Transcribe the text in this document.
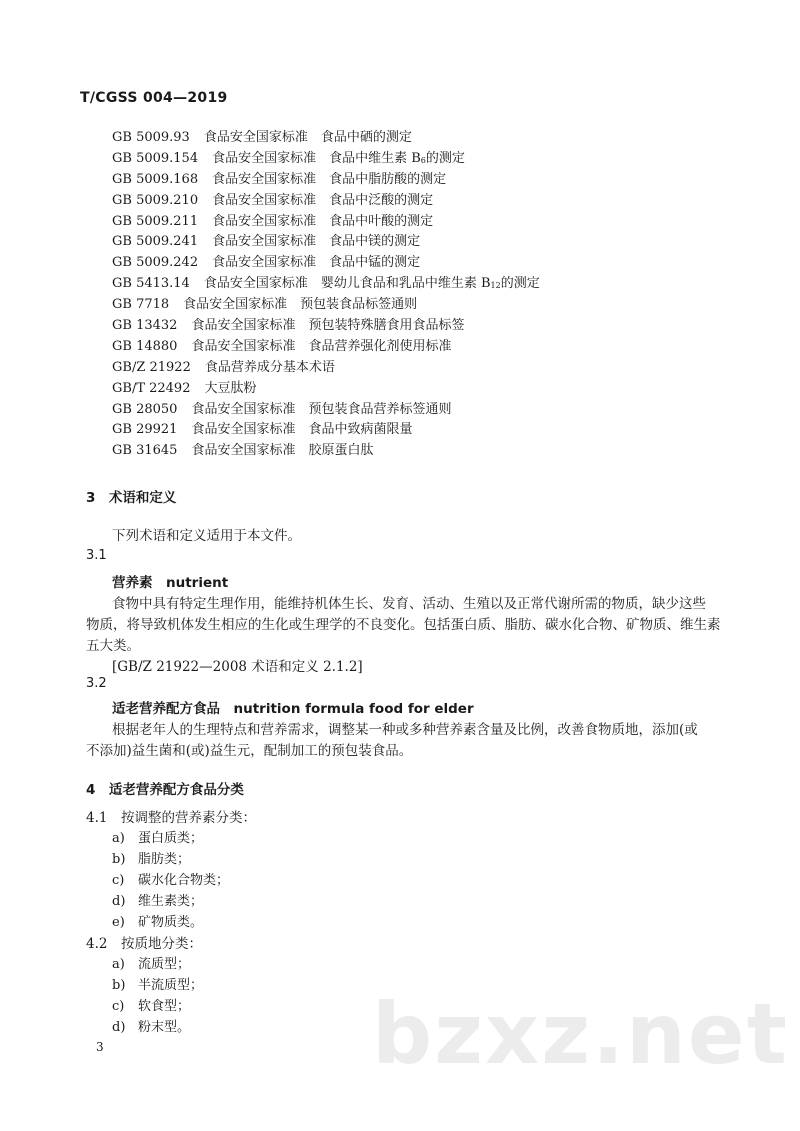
T/CGSS 004—2019
GB 5009.93 食品安全国家标准　食品中硒的测定
GB 5009.154 食品安全国家标准　食品中维生素 $B_6$的测定
GB 5009.168 食品安全国家标准　食品中脂肪酸的测定
GB 5009.210 食品安全国家标准　食品中泛酸的测定
GB 5009.211 食品安全国家标准　食品中叶酸的测定
GB 5009.241 食品安全国家标准　食品中镁的测定
GB 5009.242 食品安全国家标准　食品中锰的测定
GB 5413.14 食品安全国家标准　婴幼儿食品和乳品中维生素 $B_{12}$的测定
GB 7718 食品安全国家标准　预包装食品标签通则
GB 13432 食品安全国家标准　预包装特殊膳食用食品标签
GB 14880 食品安全国家标准　食品营养强化剂使用标准
GB/Z 21922 食品营养成分基本术语
GB/T 22492 大豆肽粉
GB 28050 食品安全国家标准　预包装食品营养标签通则
GB 29921 食品安全国家标准　食品中致病菌限量
GB 31645 食品安全国家标准　胶原蛋白肽
3　术语和定义
下列术语和定义适用于本文件。
3.1
营养素　nutrient
食物中具有特定生理作用，能维持机体生长、发育、活动、生殖以及正常代谢所需的物质，缺少这些
物质，将导致机体发生相应的生化或生理学的不良变化。包括蛋白质、脂肪、碳水化合物、矿物质、维生素
五大类。
[GB/Z 21922—2008 术语和定义 2.1.2]
3.2
适老营养配方食品　nutrition formula food for elder
根据老年人的生理特点和营养需求，调整某一种或多种营养素含量及比例，改善食物质地，添加(或
不添加)益生菌和(或)益生元，配制加工的预包装食品。
4　适老营养配方食品分类
4.1　按调整的营养素分类：
a) 蛋白质类；
b) 脂肪类；
c) 碳水化合物类；
d) 维生素类；
e) 矿物质类。
4.2　按质地分类：
a) 流质型；
b) 半流质型；
c) 软食型；
d) 粉末型。
3	bzxz.net
